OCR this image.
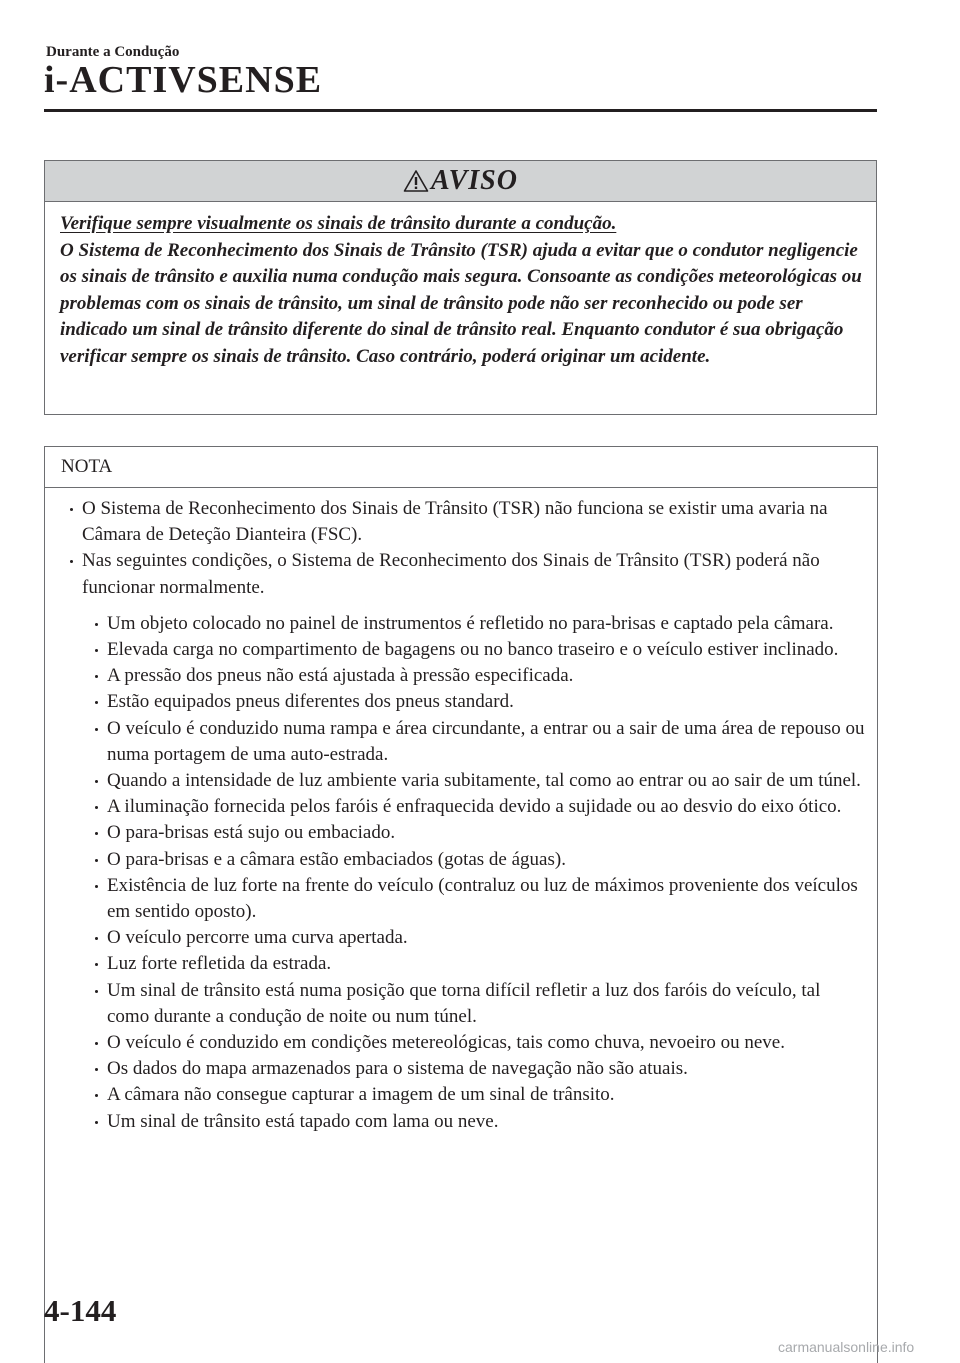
Durante a Condução
i-ACTIVSENSE
AVISO

Verifique sempre visualmente os sinais de trânsito durante a condução.

O Sistema de Reconhecimento dos Sinais de Trânsito (TSR) ajuda a evitar que o condutor negligencie os sinais de trânsito e auxilia numa condução mais segura. Consoante as condições meteorológicas ou problemas com os sinais de trânsito, um sinal de trânsito pode não ser reconhecido ou pode ser indicado um sinal de trânsito diferente do sinal de trânsito real. Enquanto condutor é sua obrigação verificar sempre os sinais de trânsito. Caso contrário, poderá originar um acidente.

NOTA
O Sistema de Reconhecimento dos Sinais de Trânsito (TSR) não funciona se existir uma avaria na Câmara de Deteção Dianteira (FSC).
Nas seguintes condições, o Sistema de Reconhecimento dos Sinais de Trânsito (TSR) poderá não funcionar normalmente.
Um objeto colocado no painel de instrumentos é refletido no para-brisas e captado pela câmara.
Elevada carga no compartimento de bagagens ou no banco traseiro e o veículo estiver inclinado.
A pressão dos pneus não está ajustada à pressão especificada.
Estão equipados pneus diferentes dos pneus standard.
O veículo é conduzido numa rampa e área circundante, a entrar ou a sair de uma área de repouso ou numa portagem de uma auto-estrada.
Quando a intensidade de luz ambiente varia subitamente, tal como ao entrar ou ao sair de um túnel.
A iluminação fornecida pelos faróis é enfraquecida devido a sujidade ou ao desvio do eixo ótico.
O para-brisas está sujo ou embaciado.
O para-brisas e a câmara estão embaciados (gotas de águas).
Existência de luz forte na frente do veículo (contraluz ou luz de máximos proveniente dos veículos em sentido oposto).
O veículo percorre uma curva apertada.
Luz forte refletida da estrada.
Um sinal de trânsito está numa posição que torna difícil refletir a luz dos faróis do veículo, tal como durante a condução de noite ou num túnel.
O veículo é conduzido em condições metereológicas, tais como chuva, nevoeiro ou neve.
Os dados do mapa armazenados para o sistema de navegação não são atuais.
A câmara não consegue capturar a imagem de um sinal de trânsito.
Um sinal de trânsito está tapado com lama ou neve.
4-144
carmanualsonline.info
